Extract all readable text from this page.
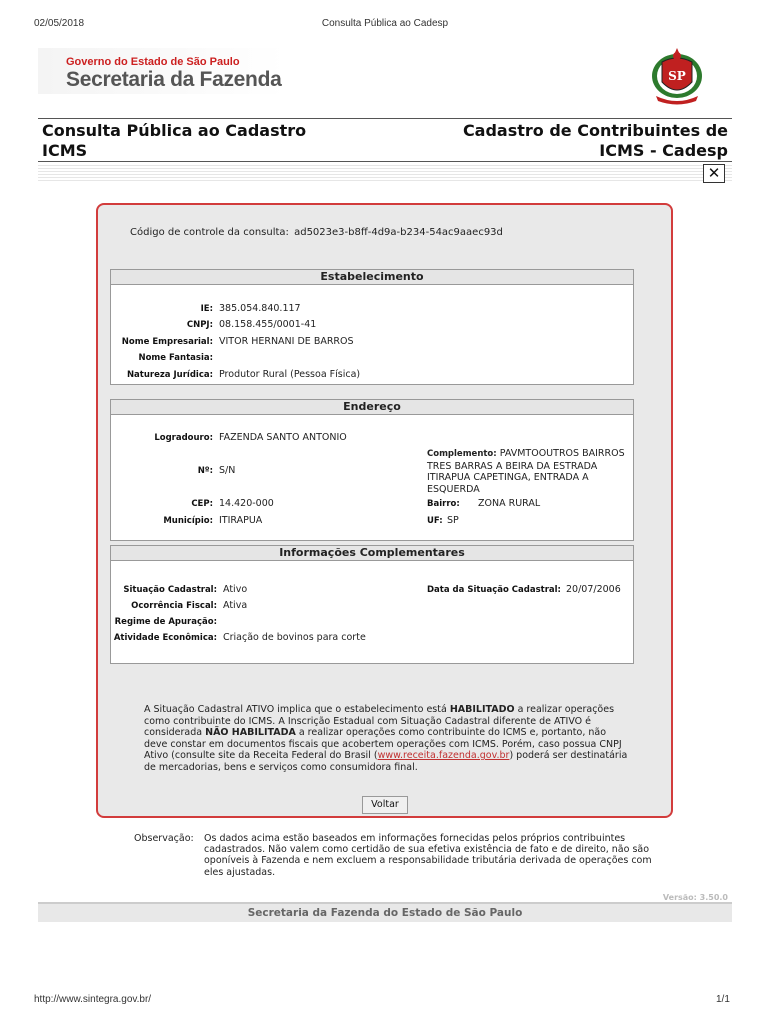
02/05/2018	Consulta Pública ao Cadesp
http://www.sintegra.gov.br/	1/1
Governo do Estado de São Paulo
Secretaria da Fazenda	SP
Consulta Pública ao Cadastro
ICMS
Cadastro de Contribuintes de
ICMS - Cadesp
✕
Código de controle da consulta: ad5023e3-b8ff-4d9a-b234-54ac9aaec93d
Estabelecimento
IE: 385.054.840.117
CNPJ: 08.158.455/0001-41
Nome Empresarial: VITOR HERNANI DE BARROS
Nome Fantasia:
Natureza Jurídica: Produtor Rural (Pessoa Física)
Endereço
Logradouro: FAZENDA SANTO ANTONIO
Nº: S/N
Complemento: PAVMTOOUTROS BAIRROS TRES BARRAS A BEIRA DA ESTRADA ITIRAPUA CAPETINGA, ENTRADA A ESQUERDA
CEP: 14.420-000	Bairro: ZONA RURAL
Município: ITIRAPUA	UF: SP
Informações Complementares
Situação Cadastral: Ativo	Data da Situação Cadastral: 20/07/2006
Ocorrência Fiscal: Ativa
Regime de Apuração:
Atividade Econômica: Criação de bovinos para corte
A Situação Cadastral ATIVO implica que o estabelecimento está HABILITADO a realizar operações como contribuinte do ICMS. A Inscrição Estadual com Situação Cadastral diferente de ATIVO é considerada NÃO HABILITADA a realizar operações como contribuinte do ICMS e, portanto, não deve constar em documentos fiscais que acobertem operações com ICMS. Porém, caso possua CNPJ Ativo (consulte site da Receita Federal do Brasil (www.receita.fazenda.gov.br) poderá ser destinatária de mercadorias, bens e serviços como consumidora final.
Voltar
Observação: Os dados acima estão baseados em informações fornecidas pelos próprios contribuintes cadastrados. Não valem como certidão de sua efetiva existência de fato e de direito, não são oponíveis à Fazenda e nem excluem a responsabilidade tributária derivada de operações com eles ajustadas.
Versão: 3.50.0
Secretaria da Fazenda do Estado de São Paulo
